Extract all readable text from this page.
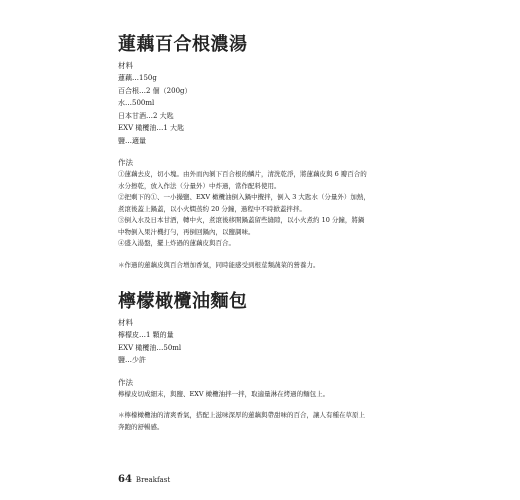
蓮藕百合根濃湯

材料

蓮藕…150g
百合根…2 個（200g）
水…500ml
日本甘酒…2 大匙
EXV 橄欖油…1 大匙
鹽…適量

作法

①蓮藕去皮，切小塊。由外而內剝下百合根的鱗片，清洗乾淨，將蓮藕皮與 6 瓣百合的
水分擦乾，放入作法（分量外）中炸過，當作配料使用。
②把剩下的①、一小撮鹽、EXV 橄欖油倒入鍋中攪拌，倒入 3 大匙水（分量外）加熱，
煮滾後蓋上鍋蓋，以小火燜蒸約 20 分鐘，過程中不時掀蓋拌拌。
③倒入水及日本甘酒，轉中火，煮滾後移開鍋蓋留些縫隙，以小火煮約 10 分鐘，將鍋
中物倒入果汁機打勻，再倒回鍋內，以鹽調味。
④盛入湯盤，擺上炸過的蓮藕皮與百合。

＊作過的蓮藕皮與百合增加香氣，同時能感受到根莖類蔬菜的營養力。

檸檬橄欖油麵包

材料

檸檬皮…1 顆的量
EXV 橄欖油…50ml
鹽…少許

作法

檸檬皮切成細末，與鹽、EXV 橄欖油拌一拌，取適量淋在烤過的麵包上。
＊檸檬橄欖油的清爽香氣，搭配上滋味深厚的蓮藕與帶甜味的百合，讓人有種在草原上
奔跑的舒暢感。
64 Breakfast
